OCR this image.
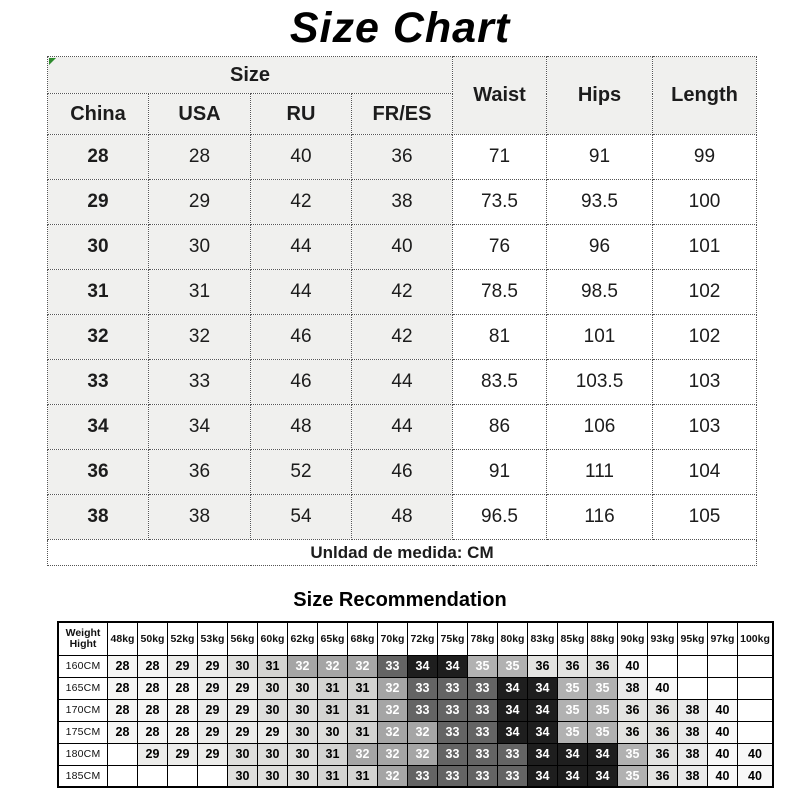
Size Chart
Size				Waist	Hips	Length
China	USA	RU	FR/ES			
28	28	40	36	71	91	99
29	29	42	38	73.5	93.5	100
30	30	44	40	76	96	101
31	31	44	42	78.5	98.5	102
32	32	46	42	81	101	102
33	33	46	44	83.5	103.5	103
34	34	48	44	86	106	103
36	36	52	46	91	111	104
38	38	54	48	96.5	116	105
Unldad de medida: CM						
Size Recommendation
Weight
Hight	48kg	50kg	52kg	53kg	56kg	60kg	62kg	65kg	68kg	70kg	72kg	75kg	78kg	80kg	83kg	85kg	88kg	90kg	93kg	95kg	97kg	100kg
160CM	28	28	29	29	30	31	32	32	32	33	34	34	35	35	36	36	36	40				
165CM	28	28	28	29	29	30	30	31	31	32	33	33	33	34	34	35	35	38	40			
170CM	28	28	28	29	29	30	30	31	31	32	33	33	33	34	34	35	35	36	36	38	40	
175CM	28	28	28	29	29	29	30	30	31	32	32	33	33	34	34	35	35	36	36	38	40	
180CM		29	29	29	30	30	30	31	32	32	32	33	33	33	34	34	34	35	36	38	40	40
185CM					30	30	30	31	31	32	33	33	33	33	34	34	34	35	36	38	40	40
